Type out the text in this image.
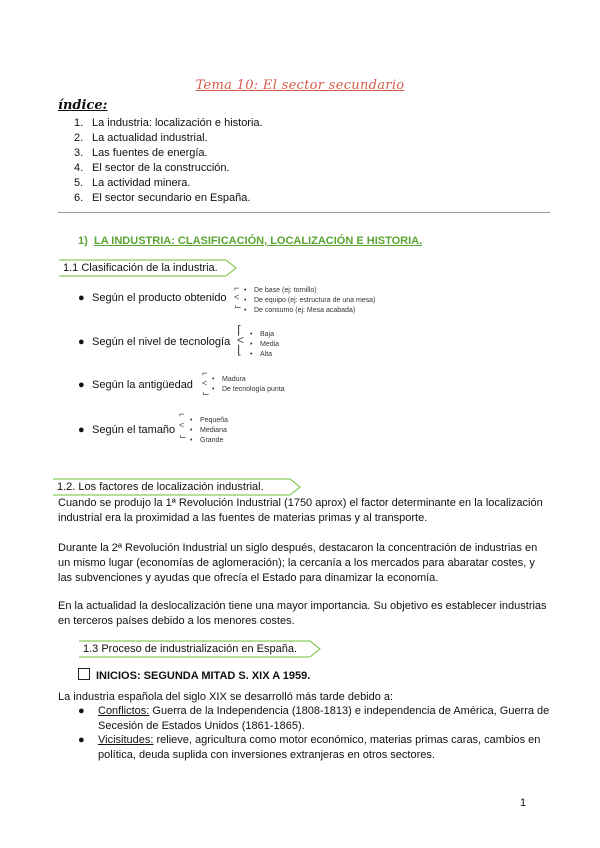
Tema 10: El sector secundario
índice:
1. La industria: localización e historia.
2. La actualidad industrial.
3. Las fuentes de energía.
4. El sector de la construcción.
5. La actividad minera.
6. El sector secundario en España.
1) LA INDUSTRIA: CLASIFICACIÓN, LOCALIZACIÓN E HISTORIA.
1.1 Clasificación de la industria.
● Según el producto obtenido
⌐
<
⌙
• De base (ej: tornillo)
• De equipo (ej: estructura de una mesa)
• De consumo (ej: Mesa acabada)
● Según el nivel de tecnología
⌈
<
⌊
• Baja
• Media
• Alta
● Según la antigüedad
⌐
<
⌙
• Madura
• De tecnología punta
● Según el tamaño
⌐
<
⌙
• Pequeña
• Mediana
• Grande
1.2. Los factores de localización industrial.
Cuando se produjo la 1ª Revolución Industrial (1750 aprox) el factor determinante en la localización industrial era la proximidad a las fuentes de materias primas y al transporte.
Durante la 2ª Revolución Industrial un siglo después, destacaron la concentración de industrias en un mismo lugar (economías de aglomeración); la cercanía a los mercados para abaratar costes, y las subvenciones y ayudas que ofrecía el Estado para dinamizar la economía.
En la actualidad la deslocalización tiene una mayor importancia. Su objetivo es establecer industrias en terceros países debido a los menores costes.
1.3 Proceso de industrialización en España.
INICIOS: SEGUNDA MITAD S. XIX A 1959.
La industria española del siglo XIX se desarrolló más tarde debido a:
● Conflictos: Guerra de la Independencia (1808-1813) e independencia de América, Guerra de Secesión de Estados Unidos (1861-1865).
● Vicisitudes: relieve, agricultura como motor económico, materias primas caras, cambios en política, deuda suplida con inversiones extranjeras en otros sectores.
1
